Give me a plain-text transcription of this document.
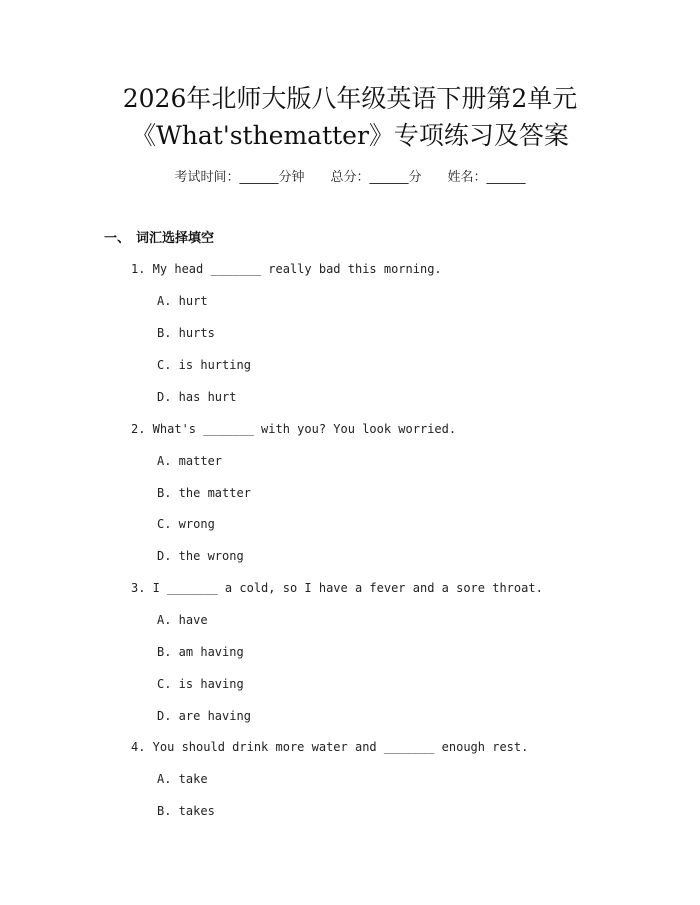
2026年北师大版八年级英语下册第2单元
《What'sthematter》专项练习及答案
考试时间：______分钟 总分：______分 姓名：______
一、 词汇选择填空
1. My head _______ really bad this morning.
A. hurt
B. hurts
C. is hurting
D. has hurt
2. What's _______ with you? You look worried.
A. matter
B. the matter
C. wrong
D. the wrong
3. I _______ a cold, so I have a fever and a sore throat.
A. have
B. am having
C. is having
D. are having
4. You should drink more water and _______ enough rest.
A. take
B. takes
